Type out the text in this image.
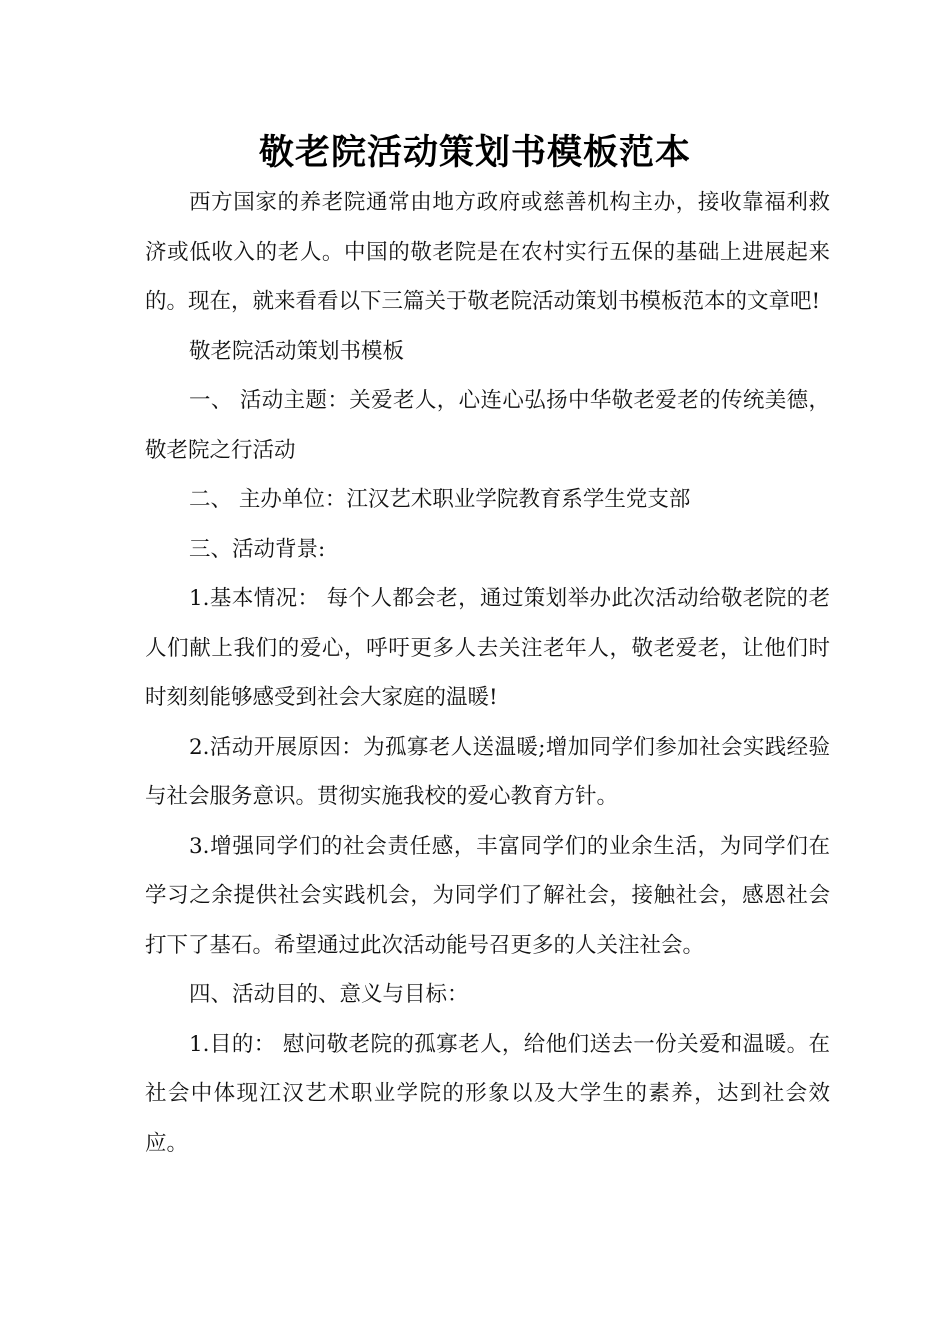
敬老院活动策划书模板范本

西方国家的养老院通常由地方政府或慈善机构主办，接收靠福利救济或低收入的老人。中国的敬老院是在农村实行五保的基础上进展起来的。现在，就来看看以下三篇关于敬老院活动策划书模板范本的文章吧!

敬老院活动策划书模板

一、 活动主题：关爱老人，心连心弘扬中华敬老爱老的传统美德，敬老院之行活动

二、 主办单位：江汉艺术职业学院教育系学生党支部

三、活动背景:

1.基本情况： 每个人都会老，通过策划举办此次活动给敬老院的老人们献上我们的爱心，呼吁更多人去关注老年人，敬老爱老，让他们时时刻刻能够感受到社会大家庭的温暖!

2.活动开展原因：为孤寡老人送温暖;增加同学们参加社会实践经验与社会服务意识。贯彻实施我校的爱心教育方针。

3.增强同学们的社会责任感，丰富同学们的业余生活，为同学们在学习之余提供社会实践机会，为同学们了解社会，接触社会，感恩社会打下了基石。希望通过此次活动能号召更多的人关注社会。

四、活动目的、意义与目标：

1.目的： 慰问敬老院的孤寡老人，给他们送去一份关爱和温暖。在社会中体现江汉艺术职业学院的形象以及大学生的素养，达到社会效应。
